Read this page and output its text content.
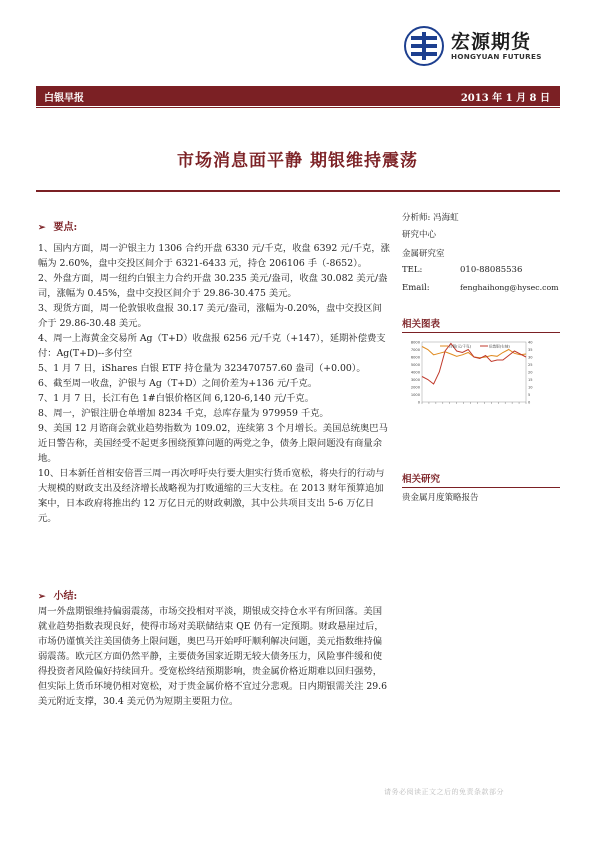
宏源期货
HONGYUAN FUTURES
白银早报	2013 年 1 月 8 日
市场消息面平静 期银维持震荡
➢ 要点:

1、国内方面，周一沪银主力 1306 合约开盘 6330 元/千克，收盘 6392 元/千克，涨幅为 2.60%，盘中交投区间介于 6321-6433 元，持仓 206106 手（-8652）。

2、外盘方面，周一纽约白银主力合约开盘 30.235 美元/盎司，收盘 30.082 美元/盎司，涨幅为 0.45%，盘中交投区间介于 29.86-30.475 美元。

3、现货方面，周一伦敦银收盘报 30.17 美元/盎司，涨幅为-0.20%，盘中交投区间介于 29.86-30.48 美元。

4、周一上海黄金交易所 Ag（T+D）收盘报 6256 元/千克（+147），延期补偿费支付：Ag(T+D)--多付空

5、1 月 7 日，iShares 白银 ETF 持仓量为 323470757.60 盎司（+0.00）。

6、截至周一收盘，沪银与 Ag（T+D）之间价差为+136 元/千克。

7、1 月 7 日，长江有色 1#白银价格区间 6,120-6,140 元/千克。

8、周一，沪银注册仓单增加 8234 千克，总库存量为 979959 千克。

9、美国 12 月谘商会就业趋势指数为 109.02，连续第 3 个月增长。美国总统奥巴马近日警告称，美国经受不起更多围绕预算问题的两党之争，债务上限问题没有商量余地。

10、日本新任首相安倍晋三周一再次呼吁央行要大胆实行货币宽松，将央行的行动与大规模的财政支出及经济增长战略视为打败通缩的三大支柱。在 2013 财年预算追加案中，日本政府将推出约 12 万亿日元的财政刺激，其中公共项目支出 5-6 万亿日元。

➢ 小结:

周一外盘期银维持偏弱震荡，市场交投相对平淡，期银成交持仓水平有所回落。美国就业趋势指数表现良好，使得市场对美联储结束 QE 仍有一定预期。财政悬崖过后，市场仍谨慎关注美国债务上限问题，奥巴马开始呼吁顺利解决问题，美元指数维持偏弱震荡。欧元区方面仍然平静，主要债务国家近期无较大债务压力，风险事件缓和使得投资者风险偏好持续回升。受宽松终结预期影响，贵金属价格近期难以回归强势，但实际上货币环境仍相对宽松，对于贵金属价格不宜过分悲观。日内期银需关注 29.6 美元附近支撑，30.4 美元仍为短期主要阻力位。

分析师: 冯海虹
研究中心
金属研究室
TEL:	010-88085536
Email:	fenghaihong@hysec.com
相关图表
8000
7000
6000
5000
4000
3000
2000
1000
0
40
35
30
25
20
15
10
5
0
白银(元/千克)	伦敦银(右轴)
相关研究
贵金属月度策略报告
请务必阅读正文之后的免责条款部分
